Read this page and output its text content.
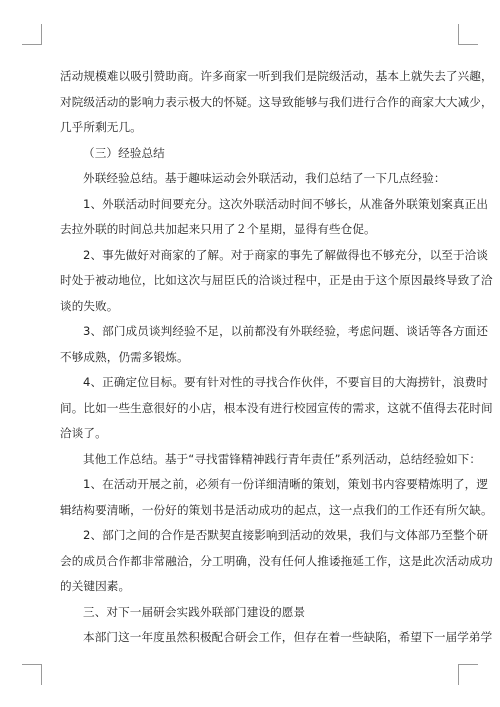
活动规模难以吸引赞助商。许多商家一听到我们是院级活动，基本上就失去了兴趣，

对院级活动的影响力表示极大的怀疑。这导致能够与我们进行合作的商家大大减少，

几乎所剩无几。

（三）经验总结

外联经验总结。基于趣味运动会外联活动，我们总结了一下几点经验：

1、外联活动时间要充分。这次外联活动时间不够长，从准备外联策划案真正出

去拉外联的时间总共加起来只用了２个星期，显得有些仓促。

2、事先做好对商家的了解。对于商家的事先了解做得也不够充分，以至于洽谈

时处于被动地位，比如这次与屈臣氏的洽谈过程中，正是由于这个原因最终导致了洽

谈的失败。

3、部门成员谈判经验不足，以前都没有外联经验，考虑问题、谈话等各方面还

不够成熟，仍需多锻炼。

4、正确定位目标。要有针对性的寻找合作伙伴，不要盲目的大海捞针，浪费时

间。比如一些生意很好的小店，根本没有进行校园宣传的需求，这就不值得去花时间

洽谈了。

其他工作总结。基于“寻找雷锋精神践行青年责任”系列活动，总结经验如下：

1、在活动开展之前，必须有一份详细清晰的策划，策划书内容要精炼明了，逻

辑结构要清晰，一份好的策划书是活动成功的起点，这一点我们的工作还有所欠缺。

2、部门之间的合作是否默契直接影响到活动的效果，我们与文体部乃至整个研

会的成员合作都非常融洽，分工明确，没有任何人推诿拖延工作，这是此次活动成功

的关键因素。

三、对下一届研会实践外联部门建设的愿景

本部门这一年度虽然积极配合研会工作，但存在着一些缺陷，希望下一届学弟学
